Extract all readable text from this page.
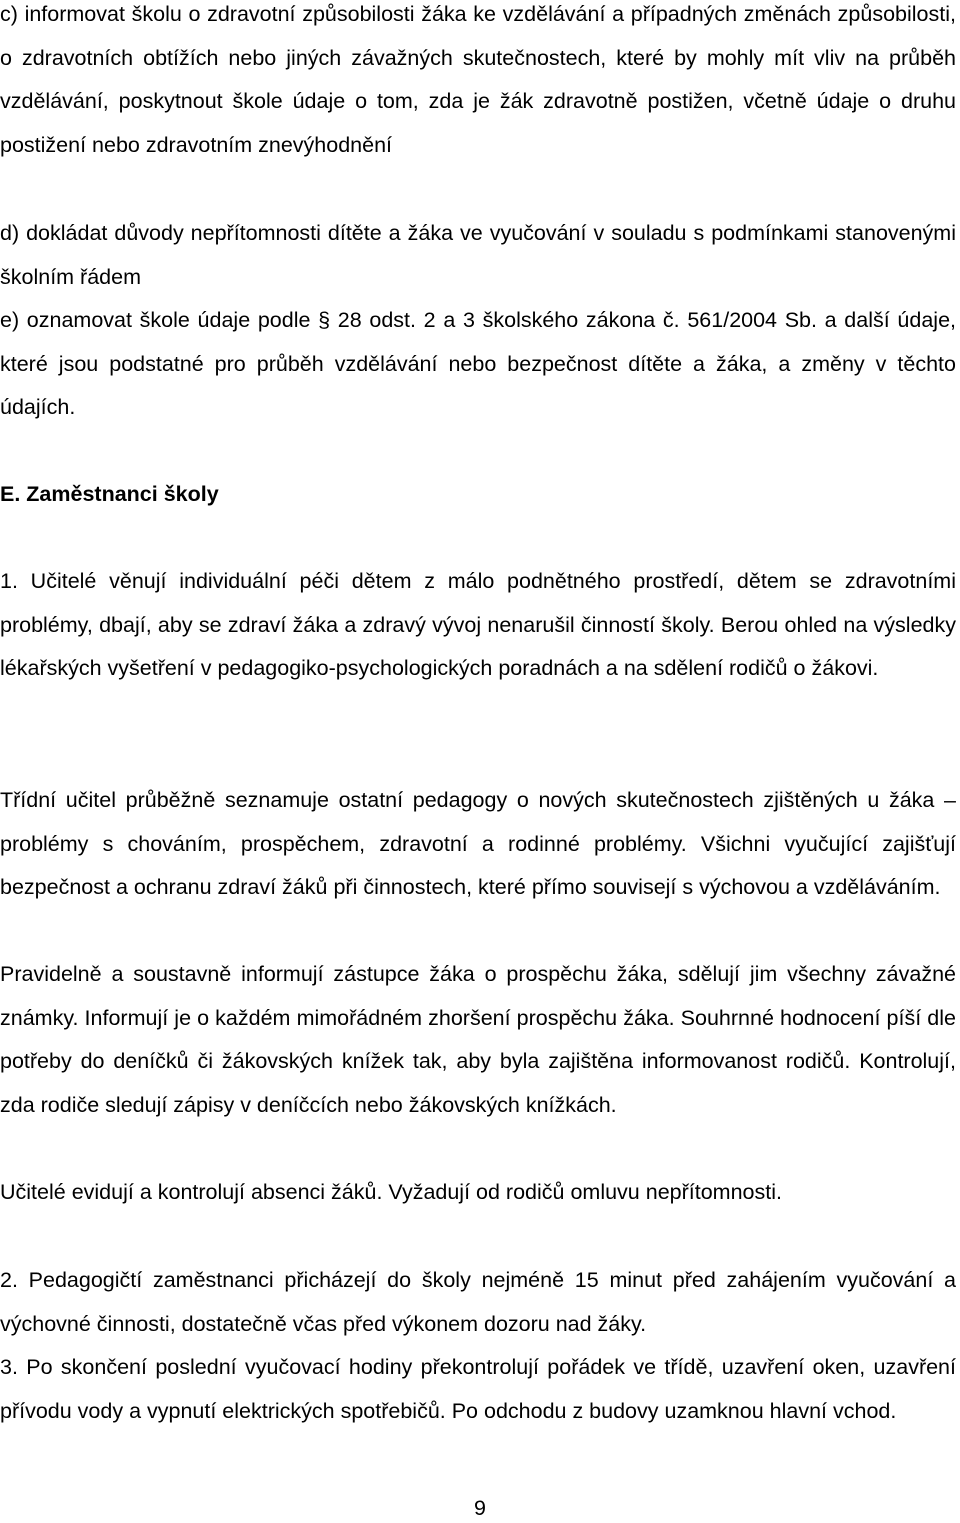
c) informovat školu o zdravotní způsobilosti žáka ke vzdělávání a případných změnách způsobilosti, o zdravotních obtížích nebo jiných závažných skutečnostech, které by mohly mít vliv na průběh vzdělávání, poskytnout škole údaje o tom, zda je žák zdravotně postižen, včetně údaje o druhu postižení nebo zdravotním znevýhodnění

d) dokládat důvody nepřítomnosti dítěte a žáka ve vyučování v souladu s podmínkami stanovenými školním řádem

e) oznamovat škole údaje podle § 28 odst. 2 a 3 školského zákona č. 561/2004 Sb. a další údaje, které jsou podstatné pro průběh vzdělávání nebo bezpečnost dítěte a žáka, a změny v těchto údajích.

E. Zaměstnanci školy

1. Učitelé věnují individuální péči dětem z málo podnětného prostředí, dětem se zdravotními problémy, dbají, aby se zdraví žáka a zdravý vývoj nenarušil činností školy. Berou ohled na výsledky lékařských vyšetření v pedagogiko-psychologických poradnách a na sdělení rodičů o žákovi.

Třídní učitel průběžně seznamuje ostatní pedagogy o nových skutečnostech zjištěných u žáka – problémy s chováním, prospěchem, zdravotní a rodinné problémy. Všichni vyučující zajišťují bezpečnost a ochranu zdraví žáků při činnostech, které přímo souvisejí s výchovou a vzděláváním.

Pravidelně a soustavně informují zástupce žáka o prospěchu žáka, sdělují jim všechny závažné známky. Informují je o každém mimořádném zhoršení prospěchu žáka. Souhrnné hodnocení píší dle potřeby do deníčků či žákovských knížek tak, aby byla zajištěna informovanost rodičů. Kontrolují, zda rodiče sledují zápisy v deníčcích nebo žákovských knížkách.

Učitelé evidují a kontrolují absenci žáků. Vyžadují od rodičů omluvu nepřítomnosti.

2. Pedagogičtí zaměstnanci přicházejí do školy nejméně 15 minut před zahájením vyučování a výchovné činnosti, dostatečně včas před výkonem dozoru nad žáky.

3. Po skončení poslední vyučovací hodiny překontrolují pořádek ve třídě, uzavření oken, uzavření přívodu vody a vypnutí elektrických spotřebičů. Po odchodu z budovy uzamknou hlavní vchod.

9
